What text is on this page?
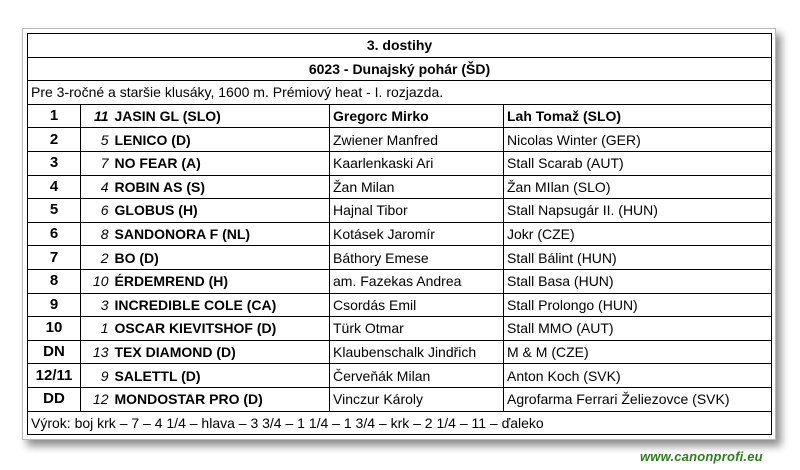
3. dostihy				
6023 - Dunajský pohár (ŠD)				
Pre 3-ročné a staršie klusáky, 1600 m. Prémiový heat - I. rozjazda.				
1	11	JASIN GL (SLO)	Gregorc Mirko	Lah Tomaž (SLO)
2	5	LENICO (D)	Zwiener Manfred	Nicolas Winter (GER)
3	7	NO FEAR (A)	Kaarlenkaski Ari	Stall Scarab (AUT)
4	4	ROBIN AS (S)	Žan Milan	Žan MIlan (SLO)
5	6	GLOBUS (H)	Hajnal Tibor	Stall Napsugár II. (HUN)
6	8	SANDONORA F (NL)	Kotásek Jaromír	Jokr (CZE)
7	2	BO (D)	Báthory Emese	Stall Bálint (HUN)
8	10	ÉRDEMREND (H)	am. Fazekas Andrea	Stall Basa (HUN)
9	3	INCREDIBLE COLE (CA)	Csordás Emil	Stall Prolongo (HUN)
10	1	OSCAR KIEVITSHOF (D)	Türk Otmar	Stall MMO (AUT)
DN	13	TEX DIAMOND (D)	Klaubenschalk Jindřich	M & M (CZE)
12/11	9	SALETTL (D)	Červeňák Milan	Anton Koch (SVK)
DD	12	MONDOSTAR PRO (D)	Vinczur Károly	Agrofarma Ferrari Želiezovce (SVK)
Výrok: boj krk – 7 – 4 1/4 – hlava – 3 3/4 – 1 1/4 – 1 3/4 – krk – 2 1/4 – 11 – ďaleko				
www.canonprofi.eu
